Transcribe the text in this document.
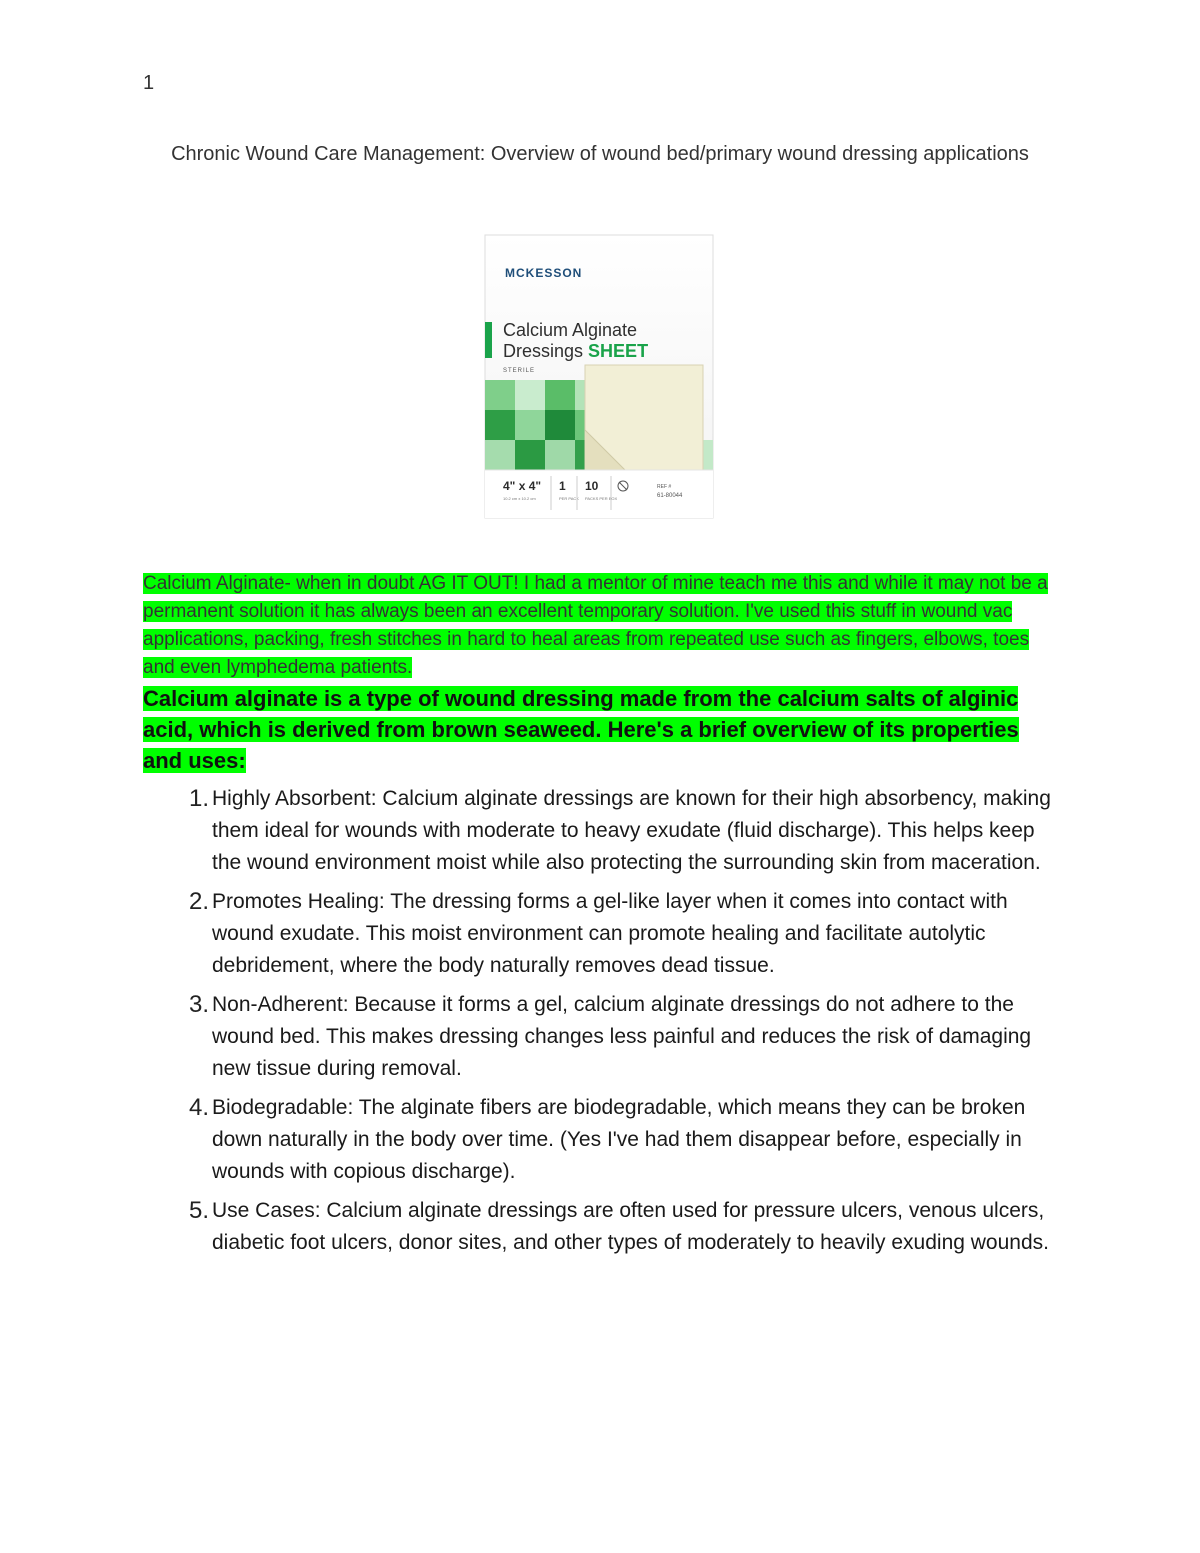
1
Chronic Wound Care Management: Overview of wound bed/primary wound dressing applications
MCKESSON
Calcium Alginate
Dressings SHEET
STERILE
4" x 4"
10.2 cm x 10.2 cm
1
PER PACK
10
PACKS PER BOX
REF #
61-80044
Calcium Alginate- when in doubt AG IT OUT! I had a mentor of mine teach me this and while it may not be a permanent solution it has always been an excellent temporary solution. I've used this stuff in wound vac applications, packing, fresh stitches in hard to heal areas from repeated use such as fingers, elbows, toes and even lymphedema patients.
Calcium alginate is a type of wound dressing made from the calcium salts of alginic acid, which is derived from brown seaweed. Here's a brief overview of its properties and uses:
1 . Highly Absorbent: Calcium alginate dressings are known for their high absorbency, making them ideal for wounds with moderate to heavy exudate (fluid discharge). This helps keep the wound environment moist while also protecting the surrounding skin from maceration.
2 . Promotes Healing: The dressing forms a gel-like layer when it comes into contact with wound exudate. This moist environment can promote healing and facilitate autolytic debridement, where the body naturally removes dead tissue.
3 . Non-Adherent: Because it forms a gel, calcium alginate dressings do not adhere to the wound bed. This makes dressing changes less painful and reduces the risk of damaging new tissue during removal.
4 . Biodegradable: The alginate fibers are biodegradable, which means they can be broken down naturally in the body over time. (Yes I've had them disappear before, especially in wounds with copious discharge).
5 . Use Cases: Calcium alginate dressings are often used for pressure ulcers, venous ulcers, diabetic foot ulcers, donor sites, and other types of moderately to heavily exuding wounds.
